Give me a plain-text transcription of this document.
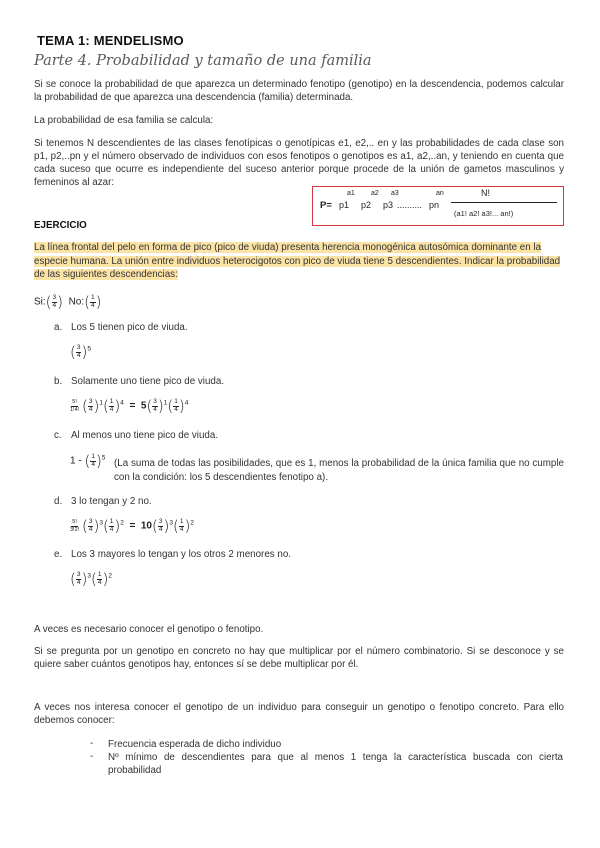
TEMA 1: MENDELISMO
Parte 4. Probabilidad y tamaño de una familia
Si se conoce la probabilidad de que aparezca un determinado fenotipo (genotipo) en la descendencia, podemos calcular la probabilidad de que aparezca una descendencia (familia) determinada.
La probabilidad de esa familia se calcula:
Si tenemos N descendientes de las clases fenotípicas o genotípicas e1, e2,.. en y las probabilidades de cada clase son p1, p2,..pn y el número observado de individuos con esos fenotipos o genotipos es a1, a2,..an, y teniendo en cuenta que cada suceso que ocurre es independiente del suceso anterior porque procede de la unión de gametos masculinos y femeninos al azar:
P=
a1 a2 a3	an
p1 p2 p3 .......... pn
N!
(a1! a2! a3!... an!)
EJERCICIO
La línea frontal del pelo en forma de pico (pico de viuda) presenta herencia monogénica autosómica dominante en la especie humana. La unión entre individuos heterocigotos con pico de viuda tiene 5 descendientes. Indicar la probabilidad de las siguientes descendencias:
Si:( $\frac{3}{4}$ ) No:( $\frac{1}{4}$ )
a. Los 5 tienen pico de viuda.
( $\frac{3}{4} )^5$
b. Solamente uno tiene pico de viuda.
$\frac{5!}{1!4!}$ ( $\frac{3}{4} )^1( \frac{1}{4} )^4 = 5( \frac{3}{4} )^1( \frac{1}{4} )^4$
c. Al menos uno tiene pico de viuda.
1 - ( $\frac{1}{4} )^5$
(La suma de todas las posibilidades, que es 1, menos la probabilidad de la única familia que no cumple con la condición: los 5 descendientes fenotipo a).
d. 3 lo tengan y 2 no.
$\frac{5!}{3!2!}$ ( $\frac{3}{4} )^3( \frac{1}{4} )^2 = 10( \frac{3}{4} )^3( \frac{1}{4} )^2$
e. Los 3 mayores lo tengan y los otros 2 menores no.
( $\frac{3}{4} )^3( \frac{1}{4} )^2$
A veces es necesario conocer el genotipo o fenotipo.
Si se pregunta por un genotipo en concreto no hay que multiplicar por el número combinatorio. Si se desconoce y se quiere saber cuántos genotipos hay, entonces sí se debe multiplicar por él.
A veces nos interesa conocer el genotipo de un individuo para conseguir un genotipo o fenotipo concreto. Para ello debemos conocer:
- Frecuencia esperada de dicho individuo
- Nº mínimo de descendientes para que al menos 1 tenga la característica buscada con cierta probabilidad
